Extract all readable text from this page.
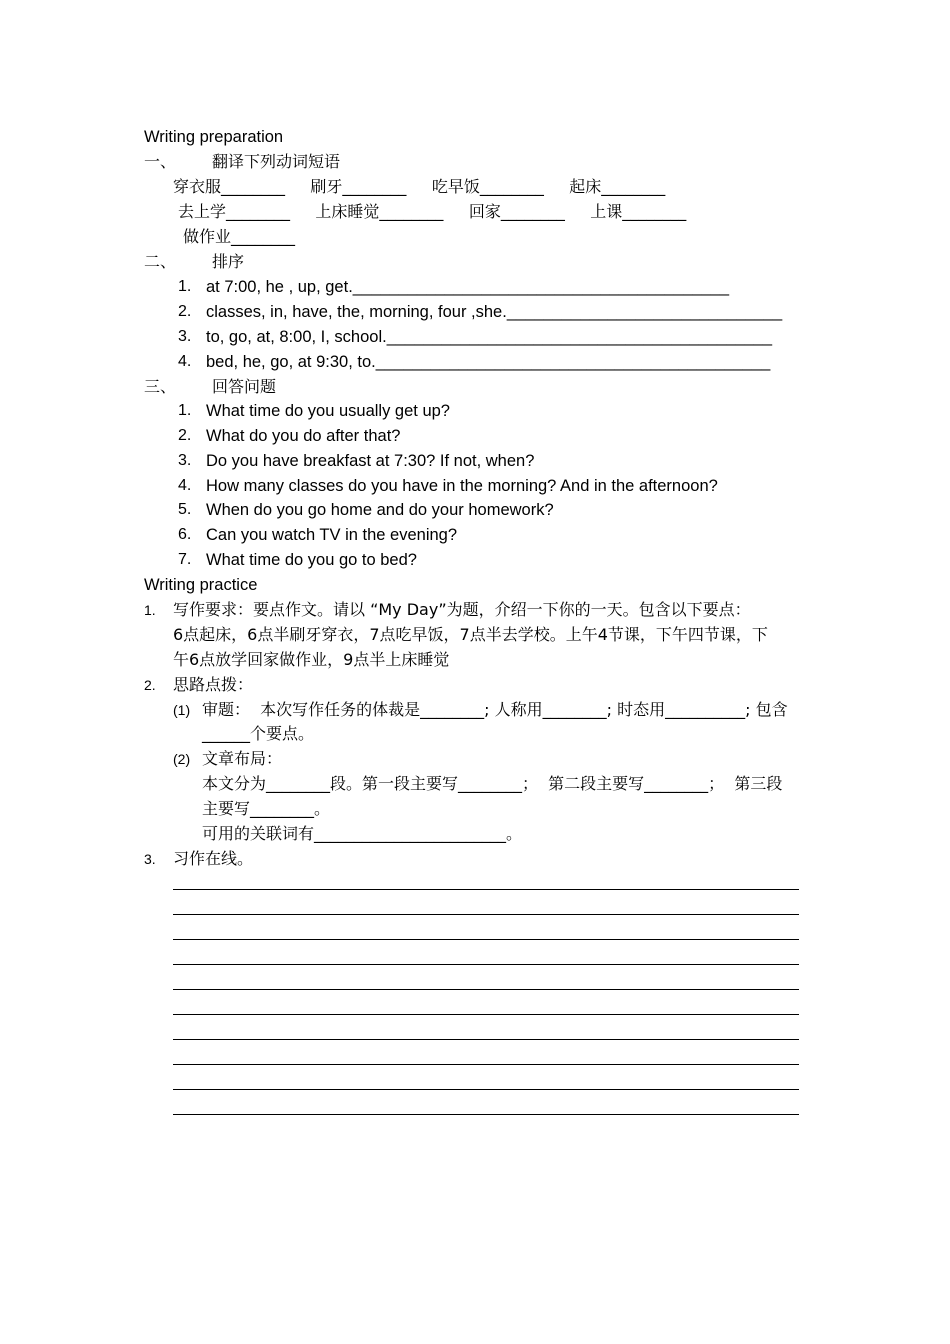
Writing preparation
一、 翻译下列动词短语
穿衣服________     刷牙________     吃早饭________     起床________
去上学________     上床睡觉________     回家________     上课________
做作业________
二、 排序
1. at 7:00, he , up, get._________________________________________
2. classes, in, have, the, morning, four ,she.______________________________
3. to, go, at, 8:00, I, school.__________________________________________
4. bed, he, go, at 9:30, to.___________________________________________
三、 回答问题
1. What time do you usually get up?
2. What do you do after that?
3. Do you have breakfast at 7:30? If not, when?
4. How many classes do you have in the morning? And in the afternoon?
5. When do you go home and do your homework?
6. Can you watch TV in the evening?
7. What time do you go to bed?
Writing practice
1. 写作要求：要点作文。请以 “My Day”为题，介绍一下你的一天。包含以下要点：
6点起床，6点半刷牙穿衣，7点吃早饭，7点半去学校。上午4节课，下午四节课，下
午6点放学回家做作业，9点半上床睡觉
2. 思路点拨：
(1) 审题：  本次写作任务的体裁是________; 人称用________; 时态用__________; 包含
______个要点。
(2) 文章布局：
本文分为________段。第一段主要写________；  第二段主要写________；  第三段
主要写________。
可用的关联词有________________________。
3. 习作在线。
